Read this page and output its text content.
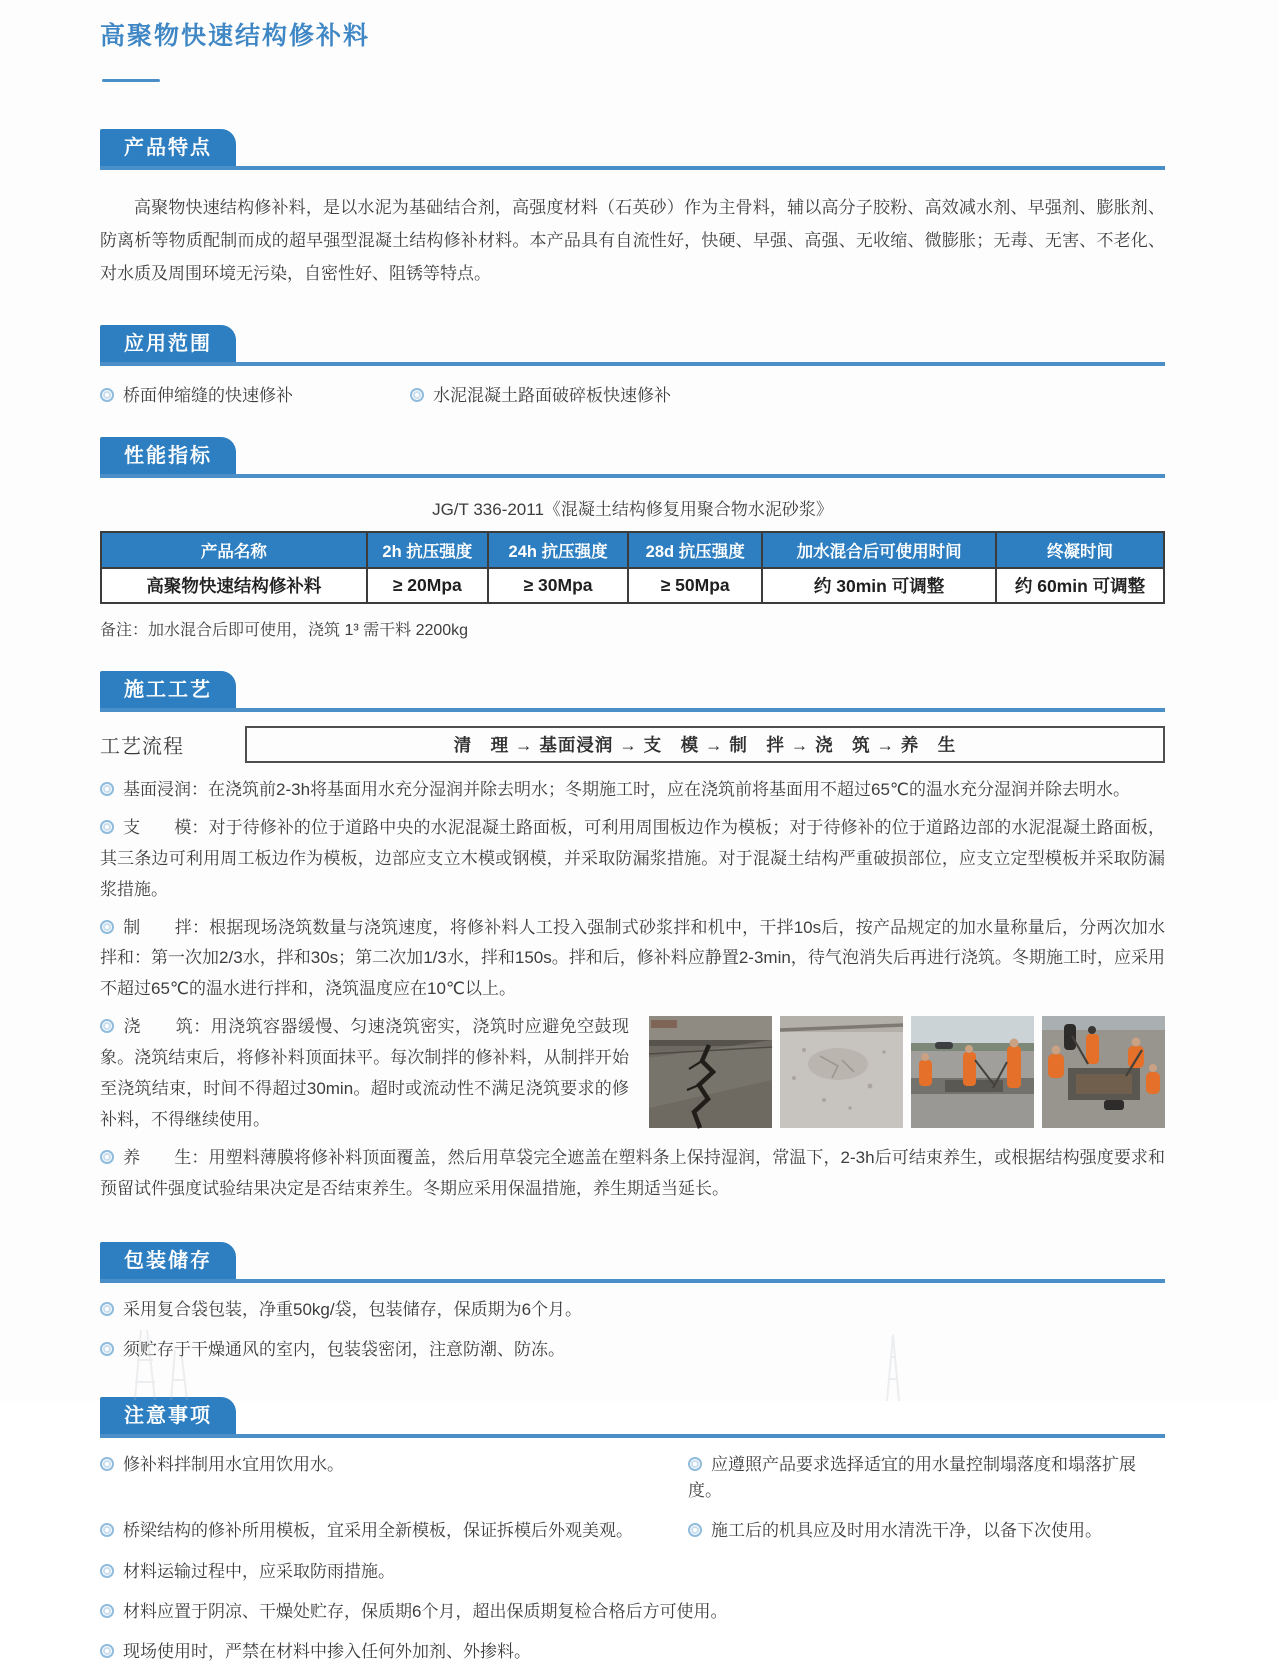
高聚物快速结构修补料
产品特点

高聚物快速结构修补料，是以水泥为基础结合剂，高强度材料（石英砂）作为主骨料，辅以高分子胶粉、高效减水剂、早强剂、膨胀剂、防离析等物质配制而成的超早强型混凝土结构修补材料。本产品具有自流性好，快硬、早强、高强、无收缩、微膨胀；无毒、无害、不老化、对水质及周围环境无污染，自密性好、阻锈等特点。

应用范围
桥面伸缩缝的快速修补	水泥混凝土路面破碎板快速修补
性能指标

JG/T 336-2011《混凝土结构修复用聚合物水泥砂浆》

产品名称	2h 抗压强度	24h 抗压强度	28d 抗压强度	加水混合后可使用时间	终凝时间
高聚物快速结构修补料	≥ 20Mpa	≥ 30Mpa	≥ 50Mpa	约 30min 可调整	约 60min 可调整

备注：加水混合后即可使用，浇筑 1³ 需干料 2200kg

施工工艺
工艺流程	清　理 → 基面浸润 → 支　模 → 制　拌 → 浇　筑 → 养　生

基面浸润：在浇筑前2-3h将基面用水充分湿润并除去明水；冬期施工时，应在浇筑前将基面用不超过65℃的温水充分湿润并除去明水。

支　　模：对于待修补的位于道路中央的水泥混凝土路面板，可利用周围板边作为模板；对于待修补的位于道路边部的水泥混凝土路面板，其三条边可利用周工板边作为模板，边部应支立木模或钢模，并采取防漏浆措施。对于混凝土结构严重破损部位，应支立定型模板并采取防漏浆措施。

制　　拌：根据现场浇筑数量与浇筑速度，将修补料人工投入强制式砂浆拌和机中，干拌10s后，按产品规定的加水量称量后，分两次加水拌和：第一次加2/3水，拌和30s；第二次加1/3水，拌和150s。拌和后，修补料应静置2-3min，待气泡消失后再进行浇筑。冬期施工时，应采用不超过65℃的温水进行拌和，浇筑温度应在10℃以上。

浇　　筑：用浇筑容器缓慢、匀速浇筑密实，浇筑时应避免空鼓现象。浇筑结束后，将修补料顶面抹平。每次制拌的修补料，从制拌开始至浇筑结束，时间不得超过30min。超时或流动性不满足浇筑要求的修补料，不得继续使用。

养　　生：用塑料薄膜将修补料顶面覆盖，然后用草袋完全遮盖在塑料条上保持湿润，常温下，2-3h后可结束养生，或根据结构强度要求和预留试件强度试验结果决定是否结束养生。冬期应采用保温措施，养生期适当延长。

包装储存
采用复合袋包装，净重50kg/袋，包装储存，保质期为6个月。
须贮存于干燥通风的室内，包装袋密闭，注意防潮、防冻。
注意事项
修补料拌制用水宜用饮用水。	应遵照产品要求选择适宜的用水量控制塌落度和塌落扩展度。
桥梁结构的修补所用模板，宜采用全新模板，保证拆模后外观美观。	施工后的机具应及时用水清洗干净，以备下次使用。
材料运输过程中，应采取防雨措施。
材料应置于阴凉、干燥处贮存，保质期6个月，超出保质期复检合格后方可使用。
现场使用时，严禁在材料中掺入任何外加剂、外掺料。
